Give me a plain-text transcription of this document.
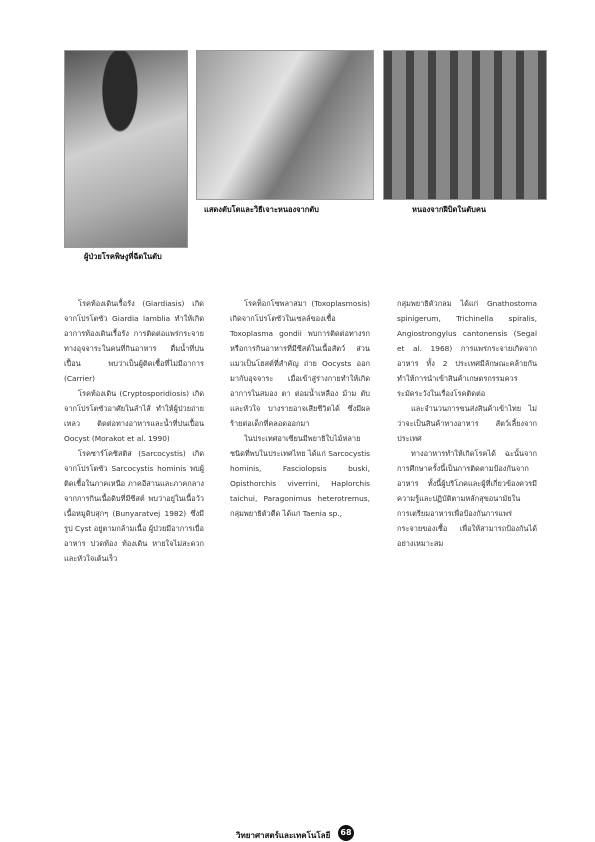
ผู้ป่วยโรคพิษงูที่ฉีดในตับ
แสดงตับโตและวิธีเจาะหนองจากตับ	หนองจากฝีบิดในตับคน

โรคท้องเดินเรื้อรัง (Giardiasis) เกิดจากโปรโตซัว Giardia lamblia ทำให้เกิดอาการท้องเดินเรื้อรัง การติดต่อแพร่กระจายทางอุจจาระในคนที่กินอาหาร ดื่มน้ำที่ปนเปื้อน พบว่าเป็นผู้ติดเชื้อที่ไม่มีอาการ (Carrier)

โรคท้องเดิน (Cryptosporidiosis) เกิดจากโปรโตซัวอาศัยในลำไส้ ทำให้ผู้ป่วยถ่ายเหลว ติดต่อทางอาหารและน้ำที่ปนเปื้อน Oocyst (Morakot et al. 1990)

โรคซาร์โคซิสติส (Sarcocystis) เกิดจากโปรโตซัว Sarcocystis hominis พบผู้ติดเชื้อในภาคเหนือ ภาคอีสานและภาคกลางจากการกินเนื้อดิบที่มีซีสต์ พบว่าอยู่ในเนื้อวัว เนื้อหมูดิบสุกๆ (Bunyaratvej 1982) ซึ่งมีรูป Cyst อยู่ตามกล้ามเนื้อ ผู้ป่วยมีอาการเบื่ออาหาร ปวดท้อง ท้องเดิน หายใจไม่สะดวกและหัวใจเต้นเร็ว

โรคท็อกโซพลาสมา (Toxoplasmosis) เกิดจากโปรโตซัวในเซลล์ของเชื้อ Toxoplasma gondii พบการติดต่อทางรกหรือการกินอาหารที่มีซีสต์ในเนื้อสัตว์ ส่วนแมวเป็นโฮสต์ที่สำคัญ ถ่าย Oocysts ออกมากับอุจจาระ เมื่อเข้าสู่ร่างกายทำให้เกิดอาการในสมอง ตา ต่อมน้ำเหลือง ม้าม ตับ และหัวใจ บางรายอาจเสียชีวิตได้ ซึ่งมีผลร้ายต่อเด็กที่คลอดออกมา

ในประเทศอาเซียนมีพยาธิใบไม้หลายชนิดที่พบในประเทศไทย ได้แก่ Sarcocystis hominis, Fasciolopsis buski, Opisthorchis viverrini, Haplorchis taichui, Paragonimus heterotremus, กลุ่มพยาธิตัวตืด ได้แก่ Taenia sp.,

กลุ่มพยาธิตัวกลม ได้แก่ Gnathostoma spinigerum, Trichinella spiralis, Angiostrongylus cantonensis (Segal et al. 1968) การแพร่กระจายเกิดจากอาหาร ทั้ง 2 ประเทศมีลักษณะคล้ายกัน ทำให้การนำเข้าสินค้าเกษตรกรรมควรระมัดระวังในเรื่องโรคติดต่อ

และจำนวนการขนส่งสินค้าเข้าไทย ไม่ว่าจะเป็นสินค้าทางอาหาร สัตว์เลี้ยงจากประเทศ

ทางอาหารทำให้เกิดโรคได้ ฉะนั้นจากการศึกษาครั้งนี้เป็นการติดตามป้องกันจากอาหาร ทั้งนี้ผู้บริโภคและผู้ที่เกี่ยวข้องควรมีความรู้และปฏิบัติตามหลักสุขอนามัยในการเตรียมอาหารเพื่อป้องกันการแพร่กระจายของเชื้อ เพื่อให้สามารถป้องกันได้อย่างเหมาะสม

วิทยาศาสตร์และเทคโนโลยี	68
